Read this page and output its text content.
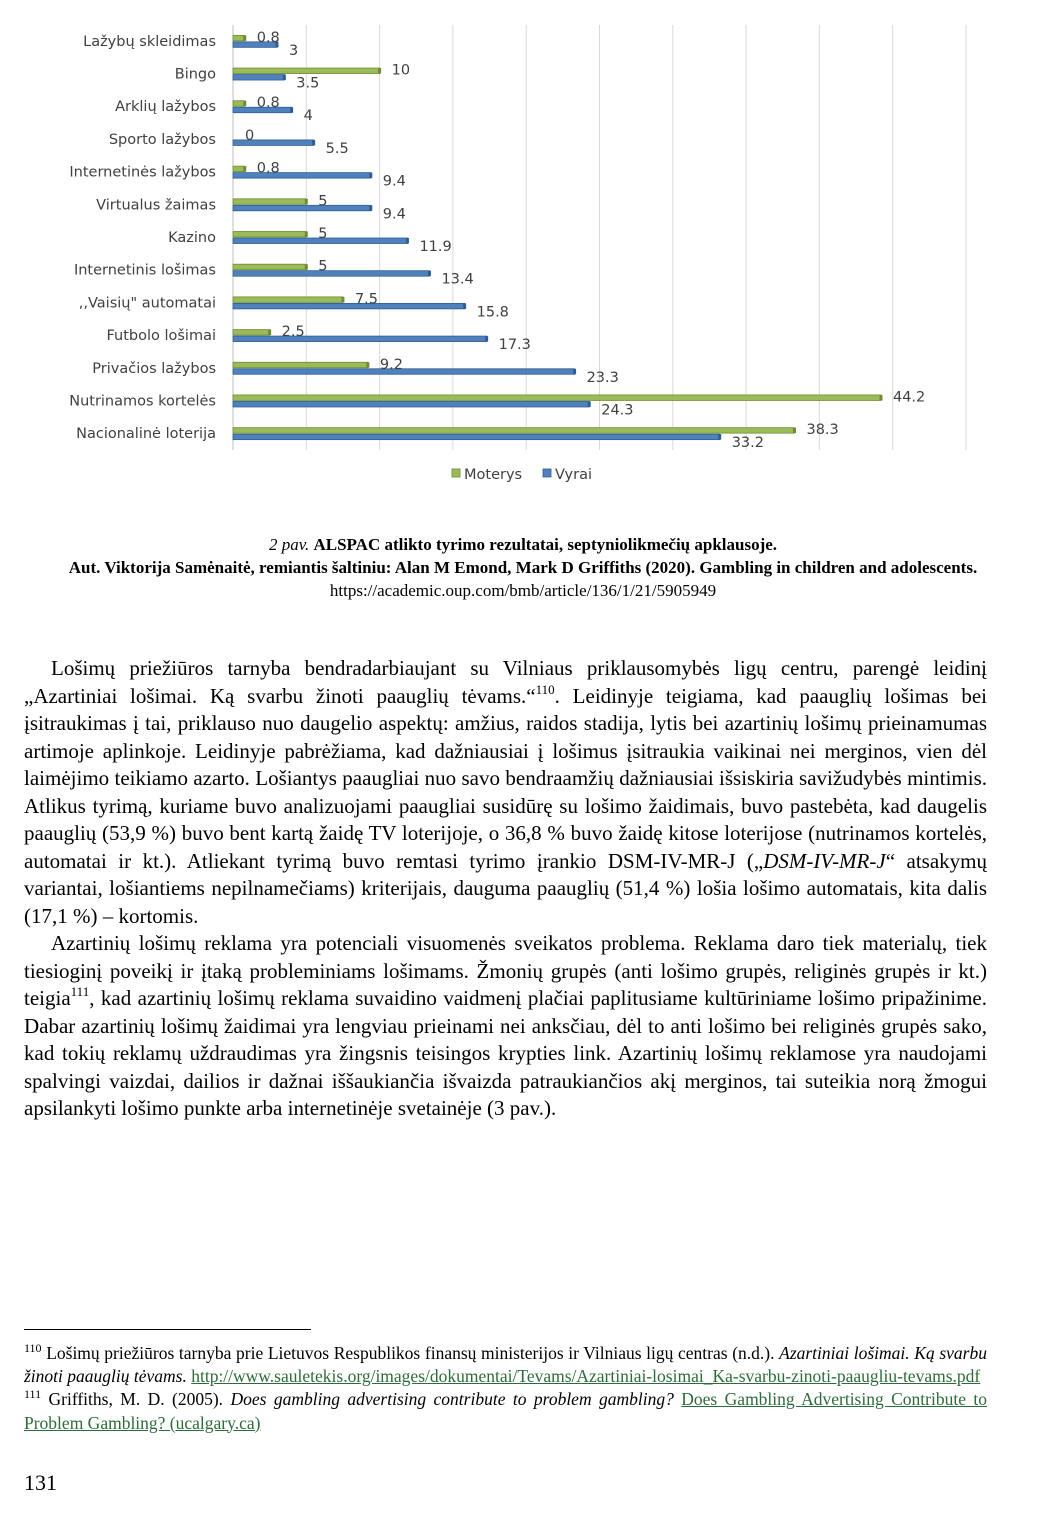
Lažybų skleidimas
Bingo
Arklių lažybos
Sporto lažybos
Internetinės lažybos
Virtualus žaimas
Kazino
Internetinis lošimas
,,Vaisių" automatai
Futbolo lošimai
Privačios lažybos
Nutrinamos kortelės
Nacionalinė loterija
0.8
3
10
3.5
0.8
4
0
5.5
0.8
9.4
5
9.4
5
11.9
5
13.4
7.5
15.8
2.5
17.3
9.2
23.3
44.2
24.3
38.3
33.2
Moterys Vyrai
2 pav. ALSPAC atlikto tyrimo rezultatai, septyniolikmečių apklausoje.
Aut. Viktorija Samėnaitė, remiantis šaltiniu: Alan M Emond, Mark D Griffiths (2020). Gambling in children and adolescents. https://academic.oup.com/bmb/article/136/1/21/5905949

Lošimų priežiūros tarnyba bendradarbiaujant su Vilniaus priklausomybės ligų centru, parengė leidinį „Azartiniai lošimai. Ką svarbu žinoti paauglių tėvams.“$^{110}$. Leidinyje teigiama, kad paauglių lošimas bei įsitraukimas į tai, priklauso nuo daugelio aspektų: amžius, raidos stadija, lytis bei azartinių lošimų prieinamumas artimoje aplinkoje. Leidinyje pabrėžiama, kad dažniausiai į lošimus įsitraukia vaikinai nei merginos, vien dėl laimėjimo teikiamo azarto. Lošiantys paaugliai nuo savo bendraamžių dažniausiai išsiskiria savižudybės mintimis. Atlikus tyrimą, kuriame buvo analizuojami paaugliai susidūrę su lošimo žaidimais, buvo pastebėta, kad daugelis paauglių (53,9 %) buvo bent kartą žaidę TV loterijoje, o 36,8 % buvo žaidę kitose loterijose (nutrinamos kortelės, automatai ir kt.). Atliekant tyrimą buvo remtasi tyrimo įrankio DSM-IV-MR-J („DSM-IV-MR-J“ atsakymų variantai, lošiantiems nepilnamečiams) kriterijais, dauguma paauglių (51,4 %) lošia lošimo automatais, kita dalis (17,1 %) – kortomis.

Azartinių lošimų reklama yra potenciali visuomenės sveikatos problema. Reklama daro tiek materialų, tiek tiesioginį poveikį ir įtaką probleminiams lošimams. Žmonių grupės (anti lošimo grupės, religinės grupės ir kt.) teigia$^{111}$, kad azartinių lošimų reklama suvaidino vaidmenį plačiai paplitusiame kultūriniame lošimo pripažinime. Dabar azartinių lošimų žaidimai yra lengviau prieinami nei anksčiau, dėl to anti lošimo bei religinės grupės sako, kad tokių reklamų uždraudimas yra žingsnis teisingos krypties link. Azartinių lošimų reklamose yra naudojami spalvingi vaizdai, dailios ir dažnai iššaukiančia išvaizda patraukiančios akį merginos, tai suteikia norą žmogui apsilankyti lošimo punkte arba internetinėje svetainėje (3 pav.).

$^{110}$ Lošimų priežiūros tarnyba prie Lietuvos Respublikos finansų ministerijos ir Vilniaus ligų centras (n.d.). Azartiniai lošimai. Ką svarbu žinoti paauglių tėvams. http://www.sauletekis.org/images/dokumentai/Tevams/Azartiniai-losimai_Ka-svarbu-zinoti-paaugliu-tevams.pdf

$^{111}$ Griffiths, M. D. (2005). Does gambling advertising contribute to problem gambling? Does Gambling Advertising Contribute to Problem Gambling? (ucalgary.ca)

131
